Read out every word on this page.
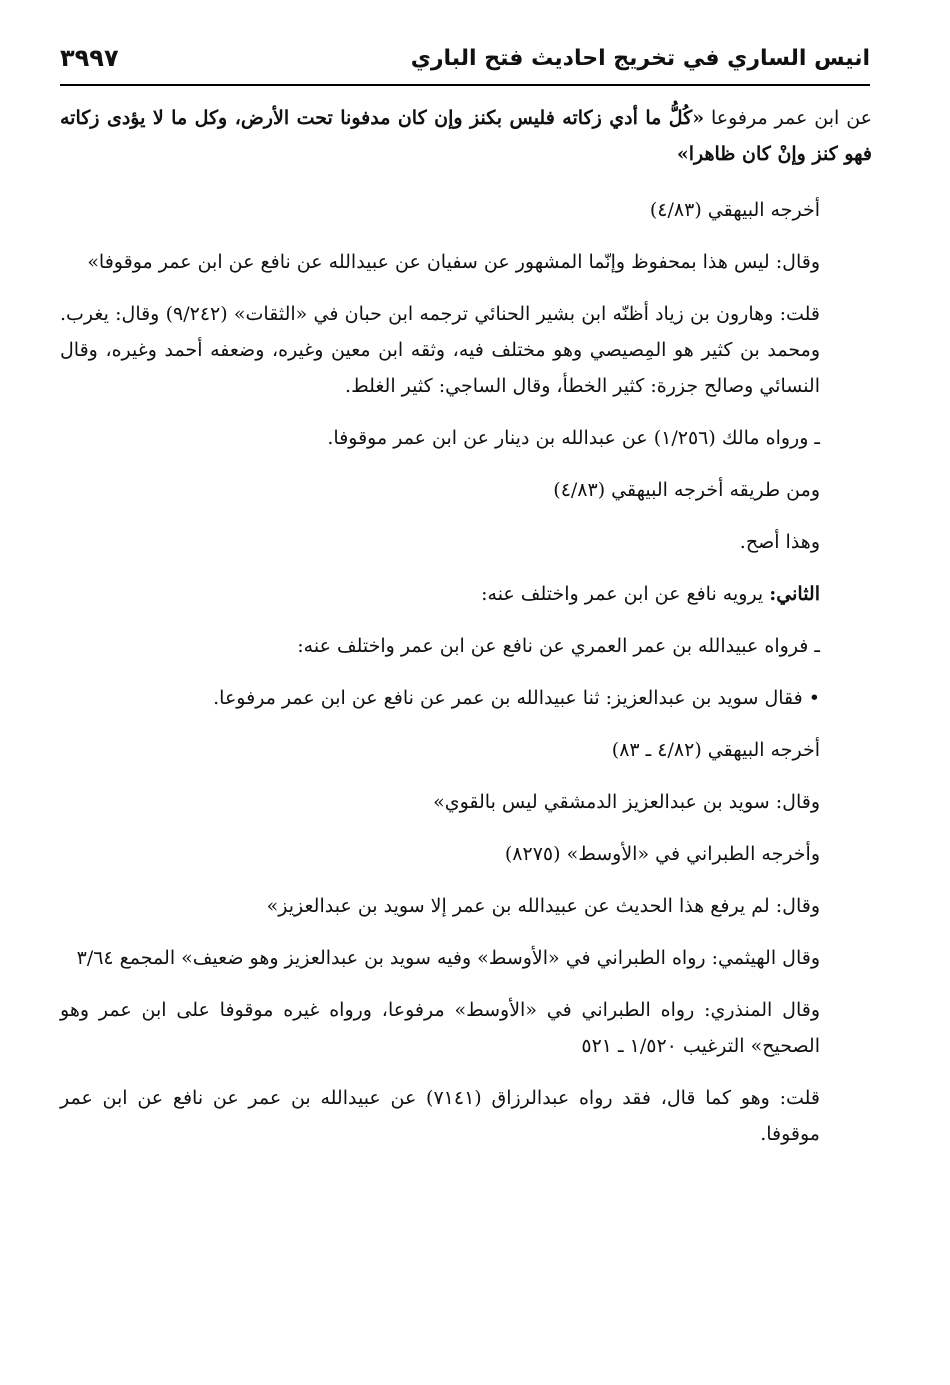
انيس الساري في تخريج احاديث فتح الباري
٣٩٩٧

عن ابن عمر مرفوعا «كُلُّ ما أدي زكاته فليس بكنز وإن كان مدفونا تحت الأرض، وكل ما لا يؤدى زكاته فهو كنز وإنْ كان ظاهرا»

أخرجه البيهقي (٤/٨٣)

وقال: ليس هذا بمحفوظ وإنّما المشهور عن سفيان عن عبيدالله عن نافع عن ابن عمر موقوفا»

قلت: وهارون بن زياد أظنّه ابن بشير الحنائي ترجمه ابن حبان في «الثقات» (٩/٢٤٢) وقال: يغرب. ومحمد بن كثير هو المِصيصي وهو مختلف فيه، وثقه ابن معين وغيره، وضعفه أحمد وغيره، وقال النسائي وصالح جزرة: كثير الخطأ، وقال الساجي: كثير الغلط.

ـ ورواه مالك (١/٢٥٦) عن عبدالله بن دينار عن ابن عمر موقوفا.

ومن طريقه أخرجه البيهقي (٤/٨٣)

وهذا أصح.

الثاني: يرويه نافع عن ابن عمر واختلف عنه:

ـ فرواه عبيدالله بن عمر العمري عن نافع عن ابن عمر واختلف عنه:

• فقال سويد بن عبدالعزيز: ثنا عبيدالله بن عمر عن نافع عن ابن عمر مرفوعا.

أخرجه البيهقي (٤/٨٢ ـ ٨٣)

وقال: سويد بن عبدالعزيز الدمشقي ليس بالقوي»

وأخرجه الطبراني في «الأوسط» (٨٢٧٥)

وقال: لم يرفع هذا الحديث عن عبيدالله بن عمر إلا سويد بن عبدالعزيز»

وقال الهيثمي: رواه الطبراني في «الأوسط» وفيه سويد بن عبدالعزيز وهو ضعيف» المجمع ٣/٦٤

وقال المنذري: رواه الطبراني في «الأوسط» مرفوعا، ورواه غيره موقوفا على ابن عمر وهو الصحيح» الترغيب ١/٥٢٠ ـ ٥٢١

قلت: وهو كما قال، فقد رواه عبدالرزاق (٧١٤١) عن عبيدالله بن عمر عن نافع عن ابن عمر موقوفا.
